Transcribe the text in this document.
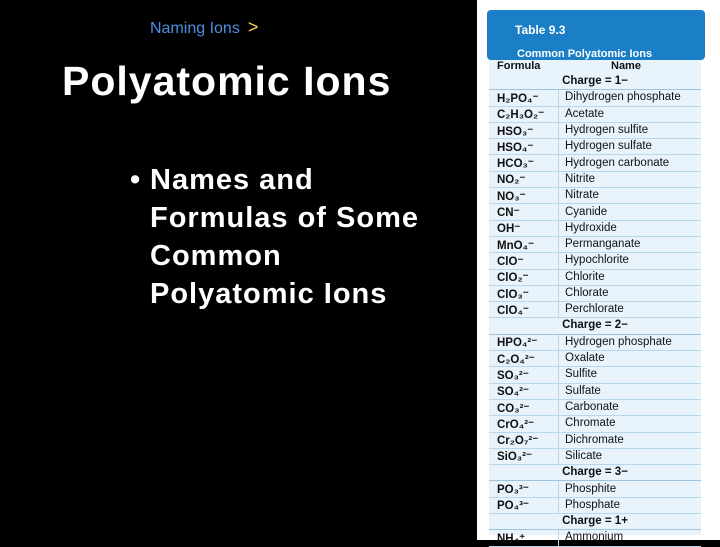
Naming Ions >
Polyatomic Ions
• Names and Formulas of Some Common Polyatomic Ions
Table 9.3
Common Polyatomic Ions
Formula	Name
Charge = 1−
H₂PO₄⁻	Dihydrogen phosphate
C₂H₃O₂⁻	Acetate
HSO₃⁻	Hydrogen sulfite
HSO₄⁻	Hydrogen sulfate
HCO₃⁻	Hydrogen carbonate
NO₂⁻	Nitrite
NO₃⁻	Nitrate
CN⁻	Cyanide
OH⁻	Hydroxide
MnO₄⁻	Permanganate
ClO⁻	Hypochlorite
ClO₂⁻	Chlorite
ClO₃⁻	Chlorate
ClO₄⁻	Perchlorate
Charge = 2−
HPO₄²⁻	Hydrogen phosphate
C₂O₄²⁻	Oxalate
SO₃²⁻	Sulfite
SO₄²⁻	Sulfate
CO₃²⁻	Carbonate
CrO₄²⁻	Chromate
Cr₂O₇²⁻	Dichromate
SiO₃²⁻	Silicate
Charge = 3−
PO₃³⁻	Phosphite
PO₄³⁻	Phosphate
Charge = 1+
NH₄⁺	Ammonium
